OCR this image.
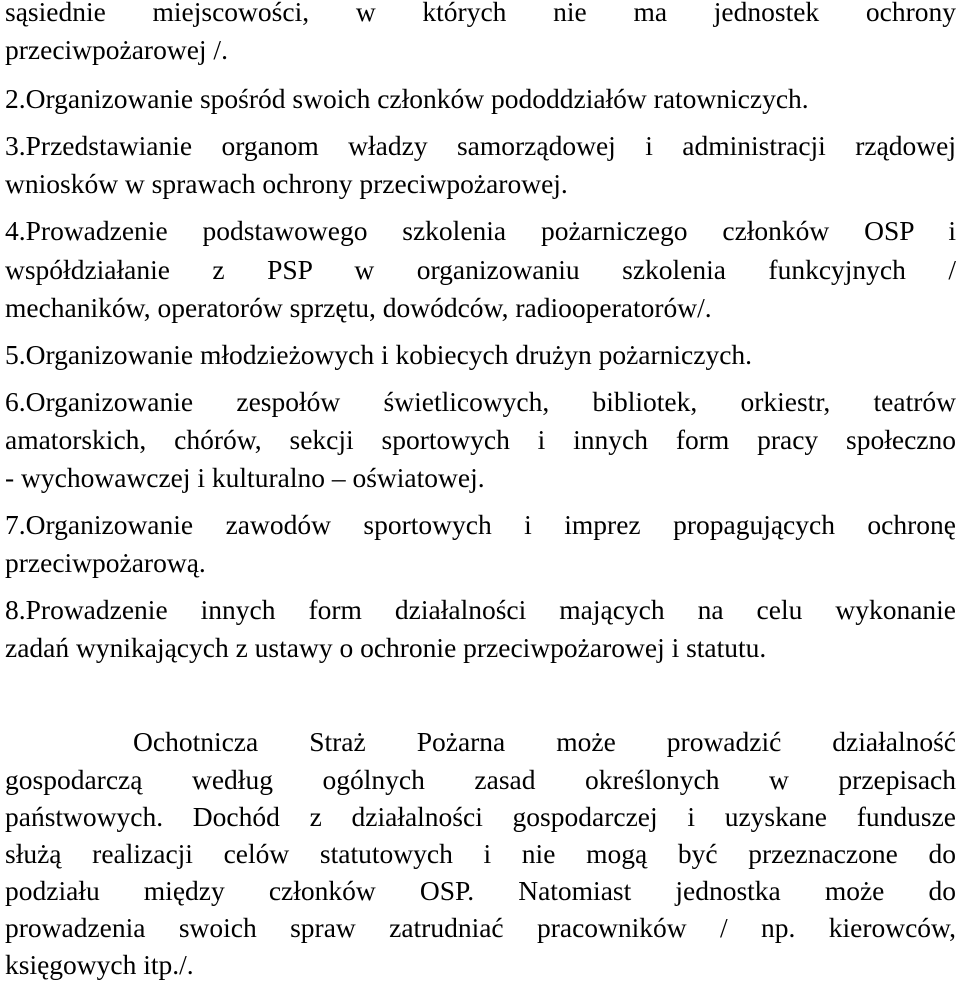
sąsiednie miejscowości, w których nie ma jednostek ochrony
przeciwpożarowej /.
2.Organizowanie spośród swoich członków pododdziałów ratowniczych.
3.Przedstawianie organom władzy samorządowej i administracji rządowej
wniosków w sprawach ochrony przeciwpożarowej.
4.Prowadzenie podstawowego szkolenia pożarniczego członków OSP i
współdziałanie z PSP w organizowaniu szkolenia funkcyjnych /
mechaników, operatorów sprzętu, dowódców, radiooperatorów/.
5.Organizowanie młodzieżowych i kobiecych drużyn pożarniczych.
6.Organizowanie zespołów świetlicowych, bibliotek, orkiestr, teatrów
amatorskich, chórów, sekcji sportowych i innych form pracy społeczno
- wychowawczej i kulturalno – oświatowej.
7.Organizowanie zawodów sportowych i imprez propagujących ochronę
przeciwpożarową.
8.Prowadzenie innych form działalności mających na celu wykonanie
zadań wynikających z ustawy o ochronie przeciwpożarowej i statutu.
Ochotnicza Straż Pożarna może prowadzić działalność
gospodarczą według ogólnych zasad określonych w przepisach
państwowych. Dochód z działalności gospodarczej i uzyskane fundusze
służą realizacji celów statutowych i nie mogą być przeznaczone do
podziału między członków OSP. Natomiast jednostka może do
prowadzenia swoich spraw zatrudniać pracowników / np. kierowców,
księgowych itp./.
